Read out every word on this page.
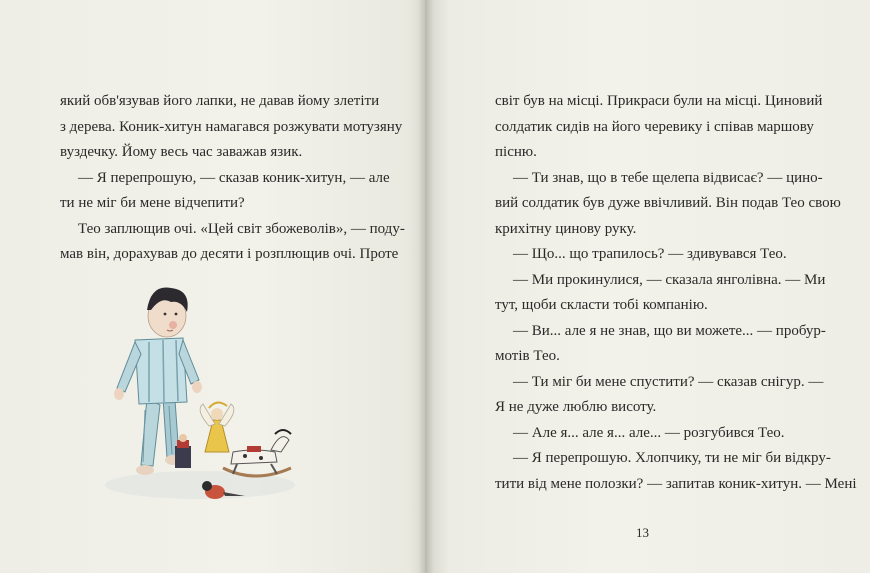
який обв'язував його лапки, не давав йому злетіти
з дерева. Коник-хитун намагався розжувати мотузяну
вуздечку. Йому весь час заважав язик.
— Я перепрошую, — сказав коник-хитун, — але
ти не міг би мене відчепити?
Тео заплющив очі. «Цей світ збожеволів», — поду-
мав він, дорахував до десяти і розплющив очі. Проте
світ був на місці. Прикраси були на місці. Циновий
солдатик сидів на його черевику і співав маршову
пісню.
— Ти знав, що в тебе щелепа відвисає? — цино-
вий солдатик був дуже ввічливий. Він подав Тео свою
крихітну цинову руку.
— Що... що трапилось? — здивувався Тео.
— Ми прокинулися, — сказала янголівна. — Ми
тут, щоби скласти тобі компанію.
— Ви... але я не знав, що ви можете... — пробур-
мотів Тео.
— Ти міг би мене спустити? — сказав снігур. —
Я не дуже люблю висоту.
— Але я... але я... але... — розгубився Тео.
— Я перепрошую. Хлопчику, ти не міг би відкру-
тити від мене полозки? — запитав коник-хитун. — Мені
13
